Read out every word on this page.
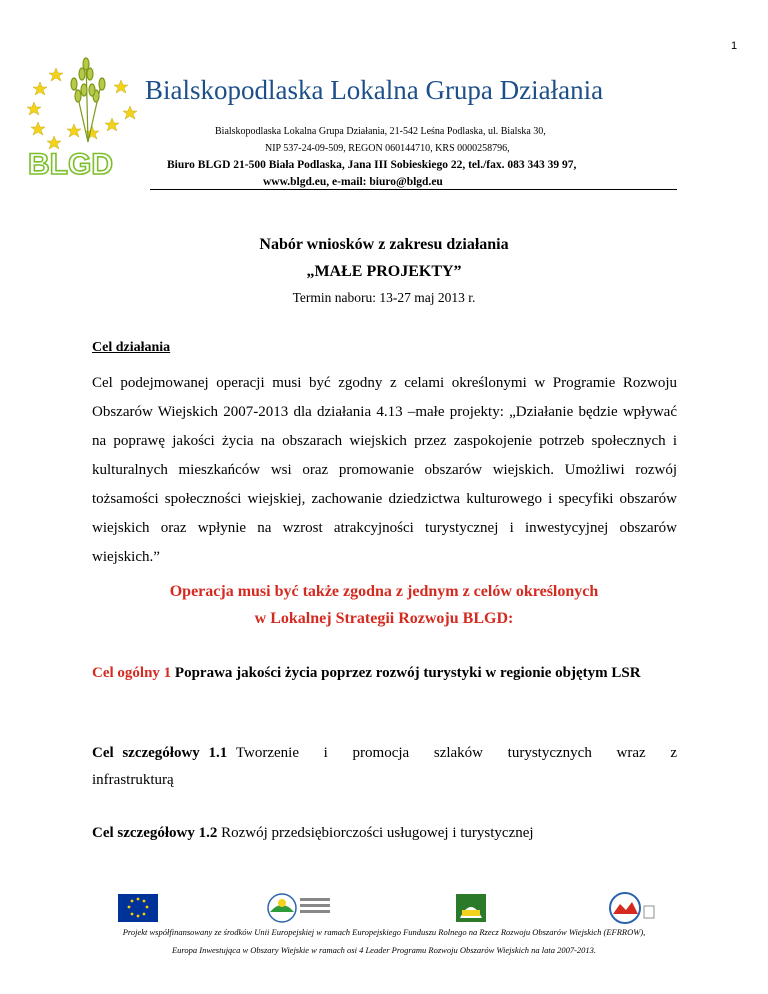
1
BLGD
Bialskopodlaska Lokalna Grupa Działania
Bialskopodlaska Lokalna Grupa Działania, 21-542 Leśna Podlaska, ul. Bialska 30,
NIP 537-24-09-509, REGON 060144710, KRS 0000258796,
Biuro BLGD 21-500 Biała Podlaska, Jana III Sobieskiego 22, tel./fax. 083 343 39 97,
www.blgd.eu, e-mail: biuro@blgd.eu
Nabór wniosków z zakresu działania
„MAŁE PROJEKTY”
Termin naboru: 13-27 maj 2013 r.
Cel działania
Cel podejmowanej operacji musi być zgodny z celami określonymi w Programie Rozwoju Obszarów Wiejskich 2007-2013 dla działania 4.13 –małe projekty: „Działanie będzie wpływać na poprawę jakości życia na obszarach wiejskich przez zaspokojenie potrzeb społecznych i kulturalnych mieszkańców wsi oraz promowanie obszarów wiejskich. Umożliwi rozwój tożsamości społeczności wiejskiej, zachowanie dziedzictwa kulturowego i specyfiki obszarów wiejskich oraz wpłynie na wzrost atrakcyjności turystycznej i inwestycyjnej obszarów wiejskich.”
Operacja musi być także zgodna z jednym z celów określonych
w Lokalnej Strategii Rozwoju BLGD:
Cel ogólny 1 Poprawa jakości życia poprzez rozwój turystyki w regionie objętym LSR
Cel szczegółowy 1.1 Tworzenie i promocja szlaków turystycznych wraz z infrastrukturą
Cel szczegółowy 1.2 Rozwój przedsiębiorczości usługowej i turystycznej
Projekt współfinansowany ze środków Unii Europejskiej w ramach Europejskiego Funduszu Rolnego na Rzecz Rozwoju Obszarów Wiejskich (EFRROW),
Europa Inwestująca w Obszary Wiejskie w ramach osi 4 Leader Programu Rozwoju Obszarów Wiejskich na lata 2007-2013.
